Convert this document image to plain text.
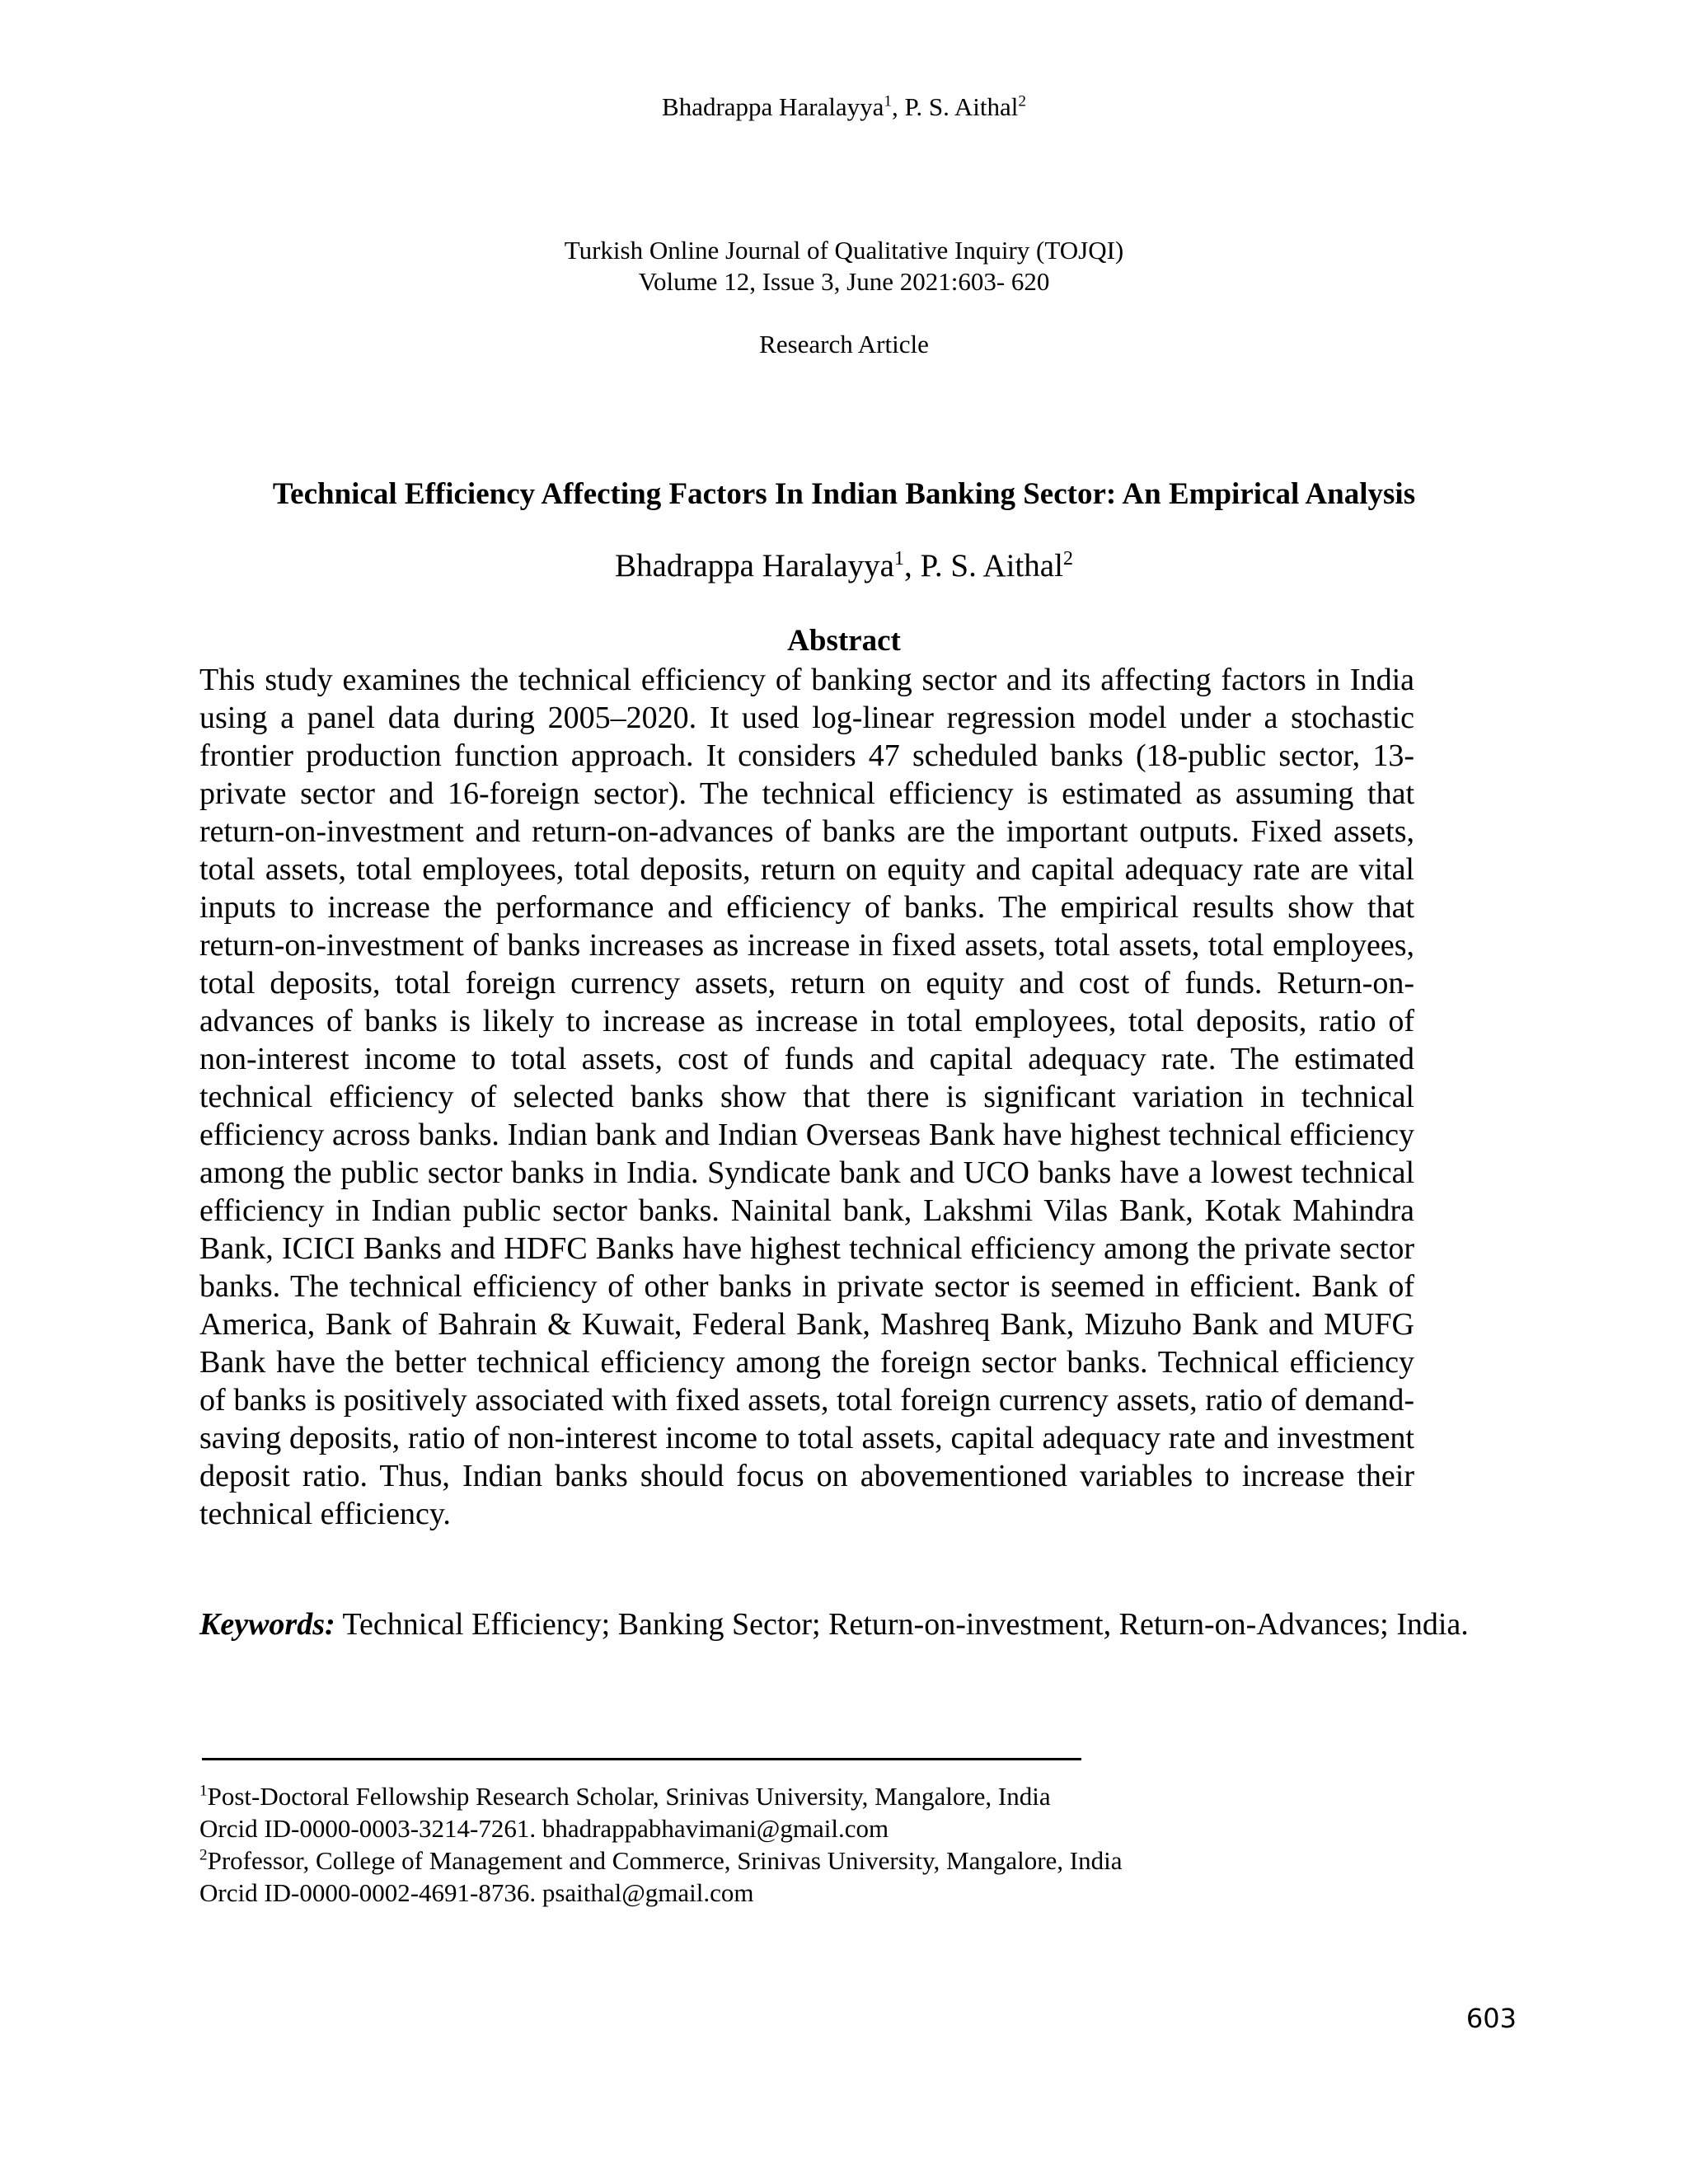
Bhadrappa Haralayya$^1$, P. S. Aithal$^2$
Turkish Online Journal of Qualitative Inquiry (TOJQI)
Volume 12, Issue 3, June 2021:603- 620
Research Article
Technical Efficiency Affecting Factors In Indian Banking Sector: An Empirical Analysis
Bhadrappa Haralayya$^1$, P. S. Aithal$^2$
Abstract
This study examines the technical efficiency of banking sector and its affecting factors in India using a panel data during 2005–2020. It used log-linear regression model under a stochastic frontier production function approach. It considers 47 scheduled banks (18-public sector, 13-private sector and 16-foreign sector). The technical efficiency is estimated as assuming that return-on-investment and return-on-advances of banks are the important outputs. Fixed assets, total assets, total employees, total deposits, return on equity and capital adequacy rate are vital inputs to increase the performance and efficiency of banks. The empirical results show that return-on-investment of banks increases as increase in fixed assets, total assets, total employees, total deposits, total foreign currency assets, return on equity and cost of funds. Return-on-advances of banks is likely to increase as increase in total employees, total deposits, ratio of non-interest income to total assets, cost of funds and capital adequacy rate. The estimated technical efficiency of selected banks show that there is significant variation in technical efficiency across banks. Indian bank and Indian Overseas Bank have highest technical efficiency among the public sector banks in India. Syndicate bank and UCO banks have a lowest technical efficiency in Indian public sector banks. Nainital bank, Lakshmi Vilas Bank, Kotak Mahindra Bank, ICICI Banks and HDFC Banks have highest technical efficiency among the private sector banks. The technical efficiency of other banks in private sector is seemed in efficient. Bank of America, Bank of Bahrain & Kuwait, Federal Bank, Mashreq Bank, Mizuho Bank and MUFG Bank have the better technical efficiency among the foreign sector banks. Technical efficiency of banks is positively associated with fixed assets, total foreign currency assets, ratio of demand-saving deposits, ratio of non-interest income to total assets, capital adequacy rate and investment deposit ratio. Thus, Indian banks should focus on abovementioned variables to increase their technical efficiency.
Keywords: Technical Efficiency; Banking Sector; Return-on-investment, Return-on-Advances; India.
$^1$Post-Doctoral Fellowship Research Scholar, Srinivas University, Mangalore, India
Orcid ID-0000-0003-3214-7261. bhadrappabhavimani@gmail.com
$^2$Professor, College of Management and Commerce, Srinivas University, Mangalore, India
Orcid ID-0000-0002-4691-8736. psaithal@gmail.com
603
